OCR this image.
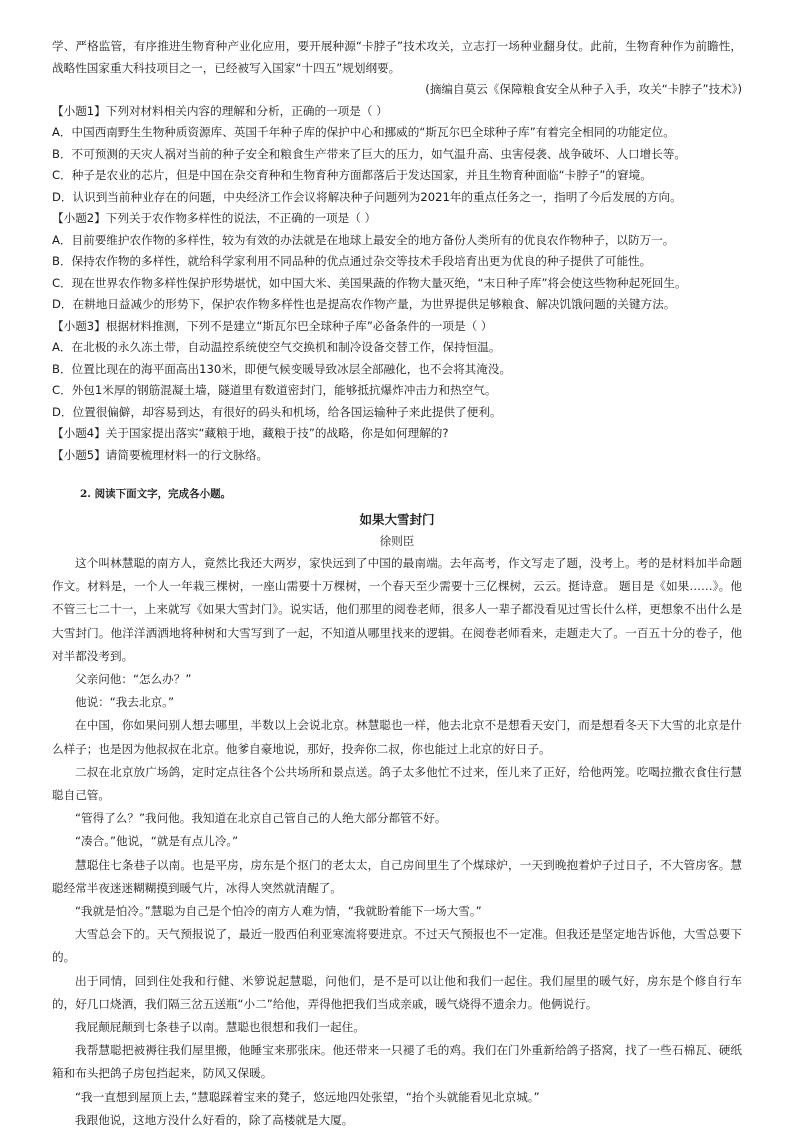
学、严格监管，有序推进生物育种产业化应用，要开展种源“卡脖子”技术攻关，立志打一场种业翻身仗。此前，生物育种作为前瞻性，战略性国家重大科技项目之一，已经被写入国家“十四五”规划纲要。

(摘编自莫云《保障粮食安全从种子入手，攻关“卡脖子”技术》)

【小题1】下列对材料相关内容的理解和分析，正确的一项是（ ）

A．中国西南野生生物种质资源库、英国千年种子库的保护中心和挪威的“斯瓦尔巴全球种子库”有着完全相同的功能定位。

B．不可预测的天灾人祸对当前的种子安全和粮食生产带来了巨大的压力，如气温升高、虫害侵袭、战争破坏、人口增长等。

C．种子是农业的芯片，但是中国在杂交育种和生物育种方面都落后于发达国家，并且生物育种面临“卡脖子”的窘境。

D．认识到当前种业存在的问题，中央经济工作会议将解决种子问题列为2021年的重点任务之一，指明了今后发展的方向。

【小题2】下列关于农作物多样性的说法，不正确的一项是（ ）

A．目前要维护农作物的多样性，较为有效的办法就是在地球上最安全的地方备份人类所有的优良农作物种子，以防万一。

B．保持农作物的多样性，就给科学家利用不同品种的优点通过杂交等技术手段培育出更为优良的种子提供了可能性。

C．现在世界农作物多样性保护形势堪忧，如中国大米、美国果蔬的作物大量灭绝，“末日种子库”将会使这些物种起死回生。

D．在耕地日益减少的形势下，保护农作物多样性也是提高农作物产量，为世界提供足够粮食、解决饥饿问题的关键方法。

【小题3】根据材料推测，下列不是建立“斯瓦尔巴全球种子库”必备条件的一项是（ ）

A．在北极的永久冻土带，自动温控系统使空气交换机和制冷设备交替工作，保持恒温。

B．位置比现在的海平面高出130米，即便气候变暖导致冰层全部融化，也不会将其淹没。

C．外包1米厚的钢筋混凝土墙，隧道里有数道密封门，能够抵抗爆炸冲击力和热空气。

D．位置很偏僻，却容易到达，有很好的码头和机场，给各国运输种子来此提供了便利。

【小题4】关于国家提出落实“藏粮于地，藏粮于技”的战略，你是如何理解的?

【小题5】请简要梳理材料一的行文脉络。

2. 阅读下面文字，完成各小题。

如果大雪封门

徐则臣

这个叫林慧聪的南方人，竟然比我还大两岁，家快远到了中国的最南端。去年高考，作文写走了题，没考上。考的是材料加半命题作文。材料是，一个人一年栽三棵树，一座山需要十万棵树，一个春天至少需要十三亿棵树，云云。挺诗意。 题目是《如果……》。他不管三七二十一，上来就写《如果大雪封门》。说实话，他们那里的阅卷老师，很多人一辈子都没看见过雪长什么样，更想象不出什么是大雪封门。他洋洋洒洒地将种树和大雪写到了一起，不知道从哪里找来的逻辑。在阅卷老师看来，走题走大了。一百五十分的卷子，他对半都没考到。

父亲问他：“怎么办？”

他说：“我去北京。”

在中国，你如果问别人想去哪里，半数以上会说北京。林慧聪也一样，他去北京不是想看天安门，而是想看冬天下大雪的北京是什么样子；也是因为他叔叔在北京。他爹自豪地说，那好，投奔你二叔，你也能过上北京的好日子。

二叔在北京放广场鸽，定时定点往各个公共场所和景点送。鸽子太多他忙不过来，侄儿来了正好，给他两笼。吃喝拉撒衣食住行慧聪自己管。

“管得了么？”我问他。我知道在北京自己管自己的人绝大部分都管不好。

“凑合。”他说，“就是有点儿冷。”

慧聪住七条巷子以南。也是平房，房东是个抠门的老太太，自己房间里生了个煤球炉，一天到晚抱着炉子过日子，不大管房客。慧聪经常半夜迷迷糊糊摸到暖气片，冰得人突然就清醒了。

“我就是怕冷。”慧聪为自己是个怕冷的南方人难为情，“我就盼着能下一场大雪。”

大雪总会下的。天气预报说了，最近一股西伯利亚寒流将要进京。不过天气预报也不一定准。但我还是坚定地告诉他，大雪总要下的。

出于同情，回到住处我和行健、米箩说起慧聪，问他们，是不是可以让他和我们一起住。我们屋里的暖气好，房东是个修自行车的，好几口烧酒，我们隔三岔五送瓶“小二”给他，弄得他把我们当成亲戚，暖气烧得不遗余力。他俩说行。

我屁颠屁颠到七条巷子以南。慧聪也很想和我们一起住。

我帮慧聪把被褥往我们屋里搬，他睡宝来那张床。他还带来一只褪了毛的鸡。我们在门外重新给鸽子搭窝，找了一些石棉瓦、硬纸箱和布头把鸽子房包挡起来，防风又保暖。

“我一直想到屋顶上去，”慧聪踩着宝来的凳子，悠远地四处张望，“抬个头就能看见北京城。”

我跟他说，这地方没什么好看的，除了高楼就是大厦。
